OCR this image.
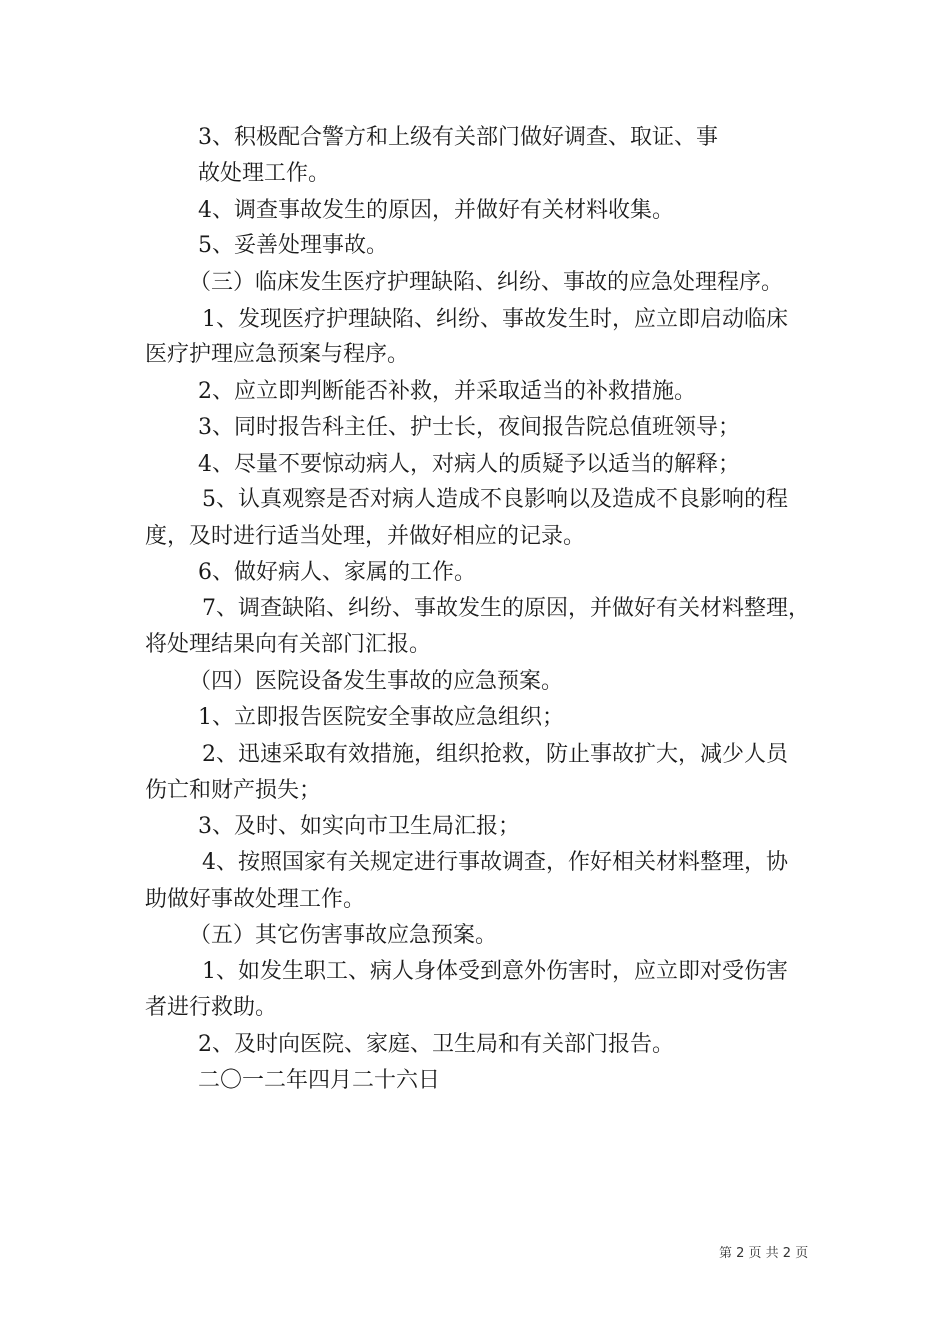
3、积极配合警方和上级有关部门做好调查、取证、事
故处理工作。
4、调查事故发生的原因，并做好有关材料收集。
5、妥善处理事故。
（三）临床发生医疗护理缺陷、纠纷、事故的应急处理程序。
1、发现医疗护理缺陷、纠纷、事故发生时，应立即启动临床
医疗护理应急预案与程序。
2、应立即判断能否补救，并采取适当的补救措施。
3、同时报告科主任、护士长，夜间报告院总值班领导；
4、尽量不要惊动病人，对病人的质疑予以适当的解释；
5、认真观察是否对病人造成不良影响以及造成不良影响的程
度，及时进行适当处理，并做好相应的记录。
6、做好病人、家属的工作。
7、调查缺陷、纠纷、事故发生的原因，并做好有关材料整理，
将处理结果向有关部门汇报。
（四）医院设备发生事故的应急预案。
1、立即报告医院安全事故应急组织；
2、迅速采取有效措施，组织抢救，防止事故扩大，减少人员
伤亡和财产损失；
3、及时、如实向市卫生局汇报；
4、按照国家有关规定进行事故调查，作好相关材料整理，协
助做好事故处理工作。
（五）其它伤害事故应急预案。
1、如发生职工、病人身体受到意外伤害时，应立即对受伤害
者进行救助。
2、及时向医院、家庭、卫生局和有关部门报告。
二〇一二年四月二十六日
第 2 页 共 2 页
